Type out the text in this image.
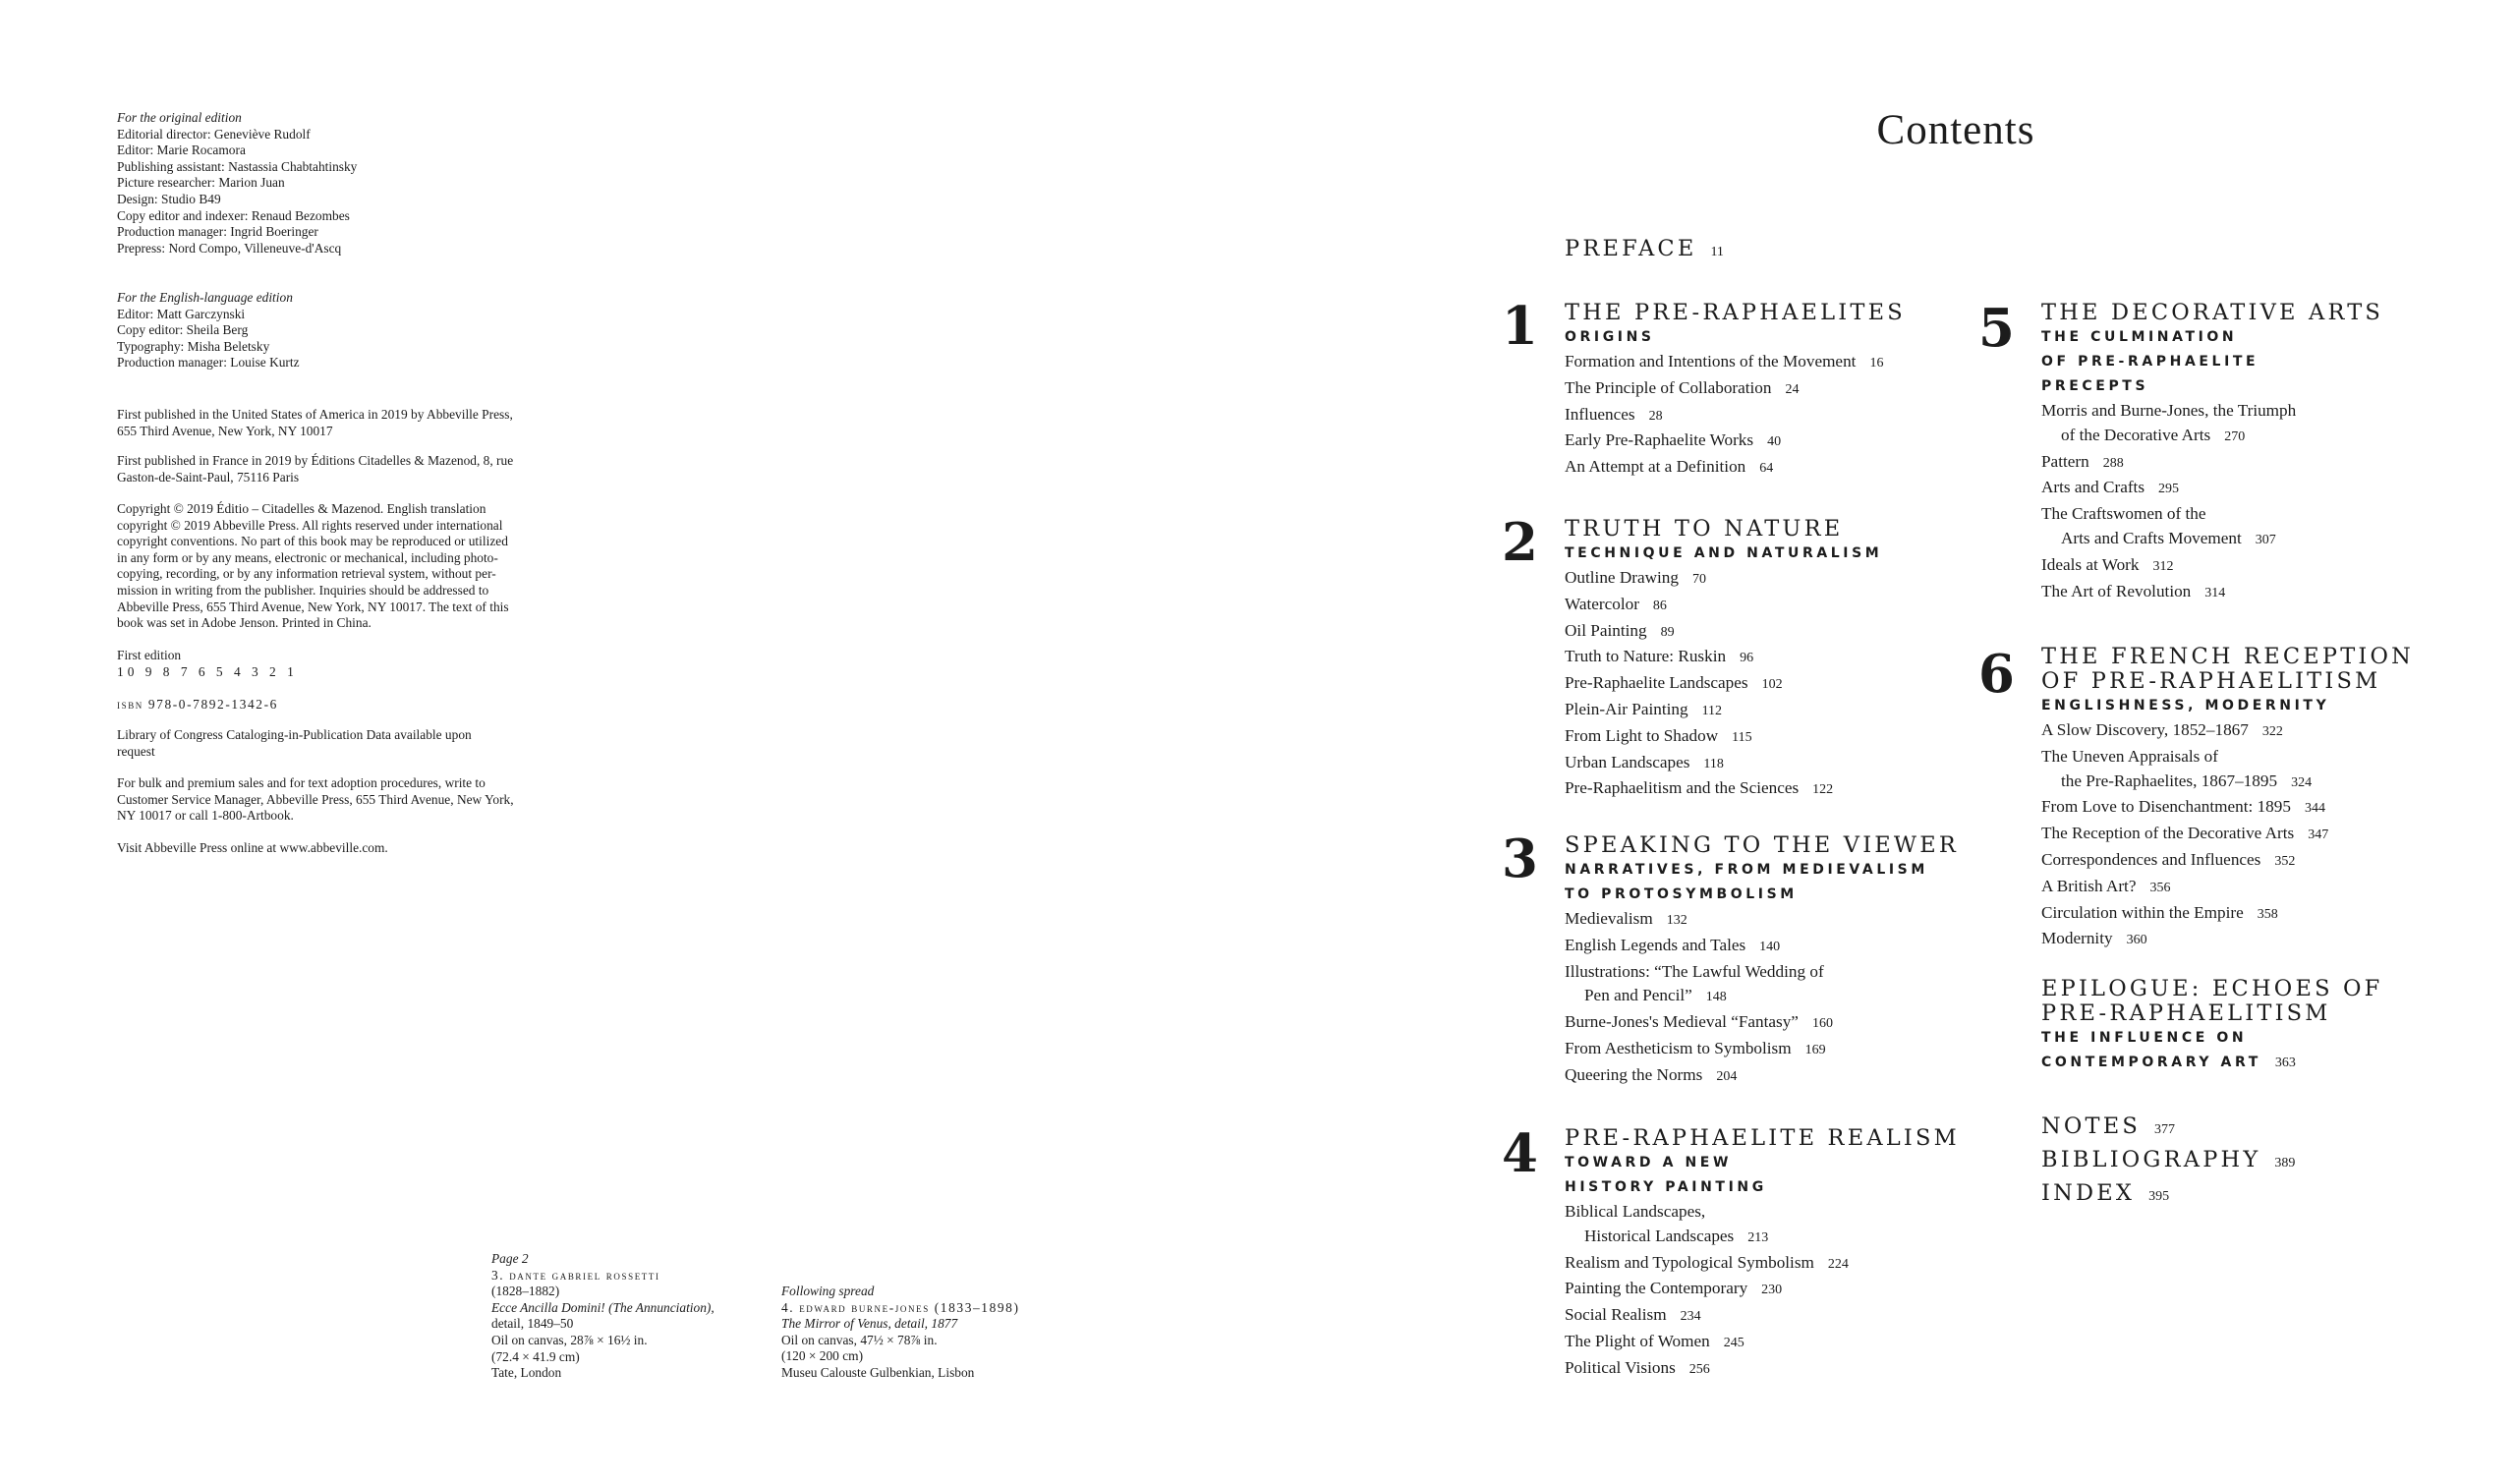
For the original edition
Editorial director: Geneviève Rudolf
Editor: Marie Rocamora
Publishing assistant: Nastassia Chabtahtinsky
Picture researcher: Marion Juan
Design: Studio B49
Copy editor and indexer: Renaud Bezombes
Production manager: Ingrid Boeringer
Prepress: Nord Compo, Villeneuve-d'Ascq
For the English-language edition
Editor: Matt Garczynski
Copy editor: Sheila Berg
Typography: Misha Beletsky
Production manager: Louise Kurtz
First published in the United States of America in 2019 by Abbeville Press,
655 Third Avenue, New York, NY 10017
First published in France in 2019 by Éditions Citadelles & Mazenod, 8, rue
Gaston-de-Saint-Paul, 75116 Paris
Copyright © 2019 Éditio – Citadelles & Mazenod. English translation
copyright © 2019 Abbeville Press. All rights reserved under international
copyright conventions. No part of this book may be reproduced or utilized
in any form or by any means, electronic or mechanical, including photo-
copying, recording, or by any information retrieval system, without per-
mission in writing from the publisher. Inquiries should be addressed to
Abbeville Press, 655 Third Avenue, New York, NY 10017. The text of this
book was set in Adobe Jenson. Printed in China.
First edition
10 9 8 7 6 5 4 3 2 1
isbn 978-0-7892-1342-6
Library of Congress Cataloging-in-Publication Data available upon
request
For bulk and premium sales and for text adoption procedures, write to
Customer Service Manager, Abbeville Press, 655 Third Avenue, New York,
NY 10017 or call 1-800-Artbook.
Visit Abbeville Press online at www.abbeville.com.
Page 2
3. dante gabriel rossetti
(1828–1882)
Ecce Ancilla Domini! (The Annunciation),
detail, 1849–50
Oil on canvas, 28⅞ × 16½ in.
(72.4 × 41.9 cm)
Tate, London
Following spread
4. edward burne-jones (1833–1898)
The Mirror of Venus, detail, 1877
Oil on canvas, 47½ × 78⅞ in.
(120 × 200 cm)
Museu Calouste Gulbenkian, Lisbon
Contents
PREFACE 11
1 THE PRE-RAPHAELITES
ORIGINS
Formation and Intentions of the Movement 16
The Principle of Collaboration 24
Influences 28
Early Pre-Raphaelite Works 40
An Attempt at a Definition 64
2 TRUTH TO NATURE
TECHNIQUE AND NATURALISM
Outline Drawing 70
Watercolor 86
Oil Painting 89
Truth to Nature: Ruskin 96
Pre-Raphaelite Landscapes 102
Plein-Air Painting 112
From Light to Shadow 115
Urban Landscapes 118
Pre-Raphaelitism and the Sciences 122
3 SPEAKING TO THE VIEWER
NARRATIVES, FROM MEDIEVALISM
TO PROTOSYMBOLISM
Medievalism 132
English Legends and Tales 140
Illustrations: “The Lawful Wedding of
Pen and Pencil” 148
Burne-Jones's Medieval “Fantasy” 160
From Aestheticism to Symbolism 169
Queering the Norms 204
4 PRE-RAPHAELITE REALISM
TOWARD A NEW
HISTORY PAINTING
Biblical Landscapes,
Historical Landscapes 213
Realism and Typological Symbolism 224
Painting the Contemporary 230
Social Realism 234
The Plight of Women 245
Political Visions 256
5 THE DECORATIVE ARTS
THE CULMINATION
OF PRE-RAPHAELITE
PRECEPTS
Morris and Burne-Jones, the Triumph
of the Decorative Arts 270
Pattern 288
Arts and Crafts 295
The Craftswomen of the
Arts and Crafts Movement 307
Ideals at Work 312
The Art of Revolution 314
6 THE FRENCH RECEPTION
OF PRE-RAPHAELITISM
ENGLISHNESS, MODERNITY
A Slow Discovery, 1852–1867 322
The Uneven Appraisals of
the Pre-Raphaelites, 1867–1895 324
From Love to Disenchantment: 1895 344
The Reception of the Decorative Arts 347
Correspondences and Influences 352
A British Art? 356
Circulation within the Empire 358
Modernity 360
EPILOGUE: ECHOES OF
PRE-RAPHAELITISM
THE INFLUENCE ON
CONTEMPORARY ART 363
NOTES 377
BIBLIOGRAPHY 389
INDEX 395
